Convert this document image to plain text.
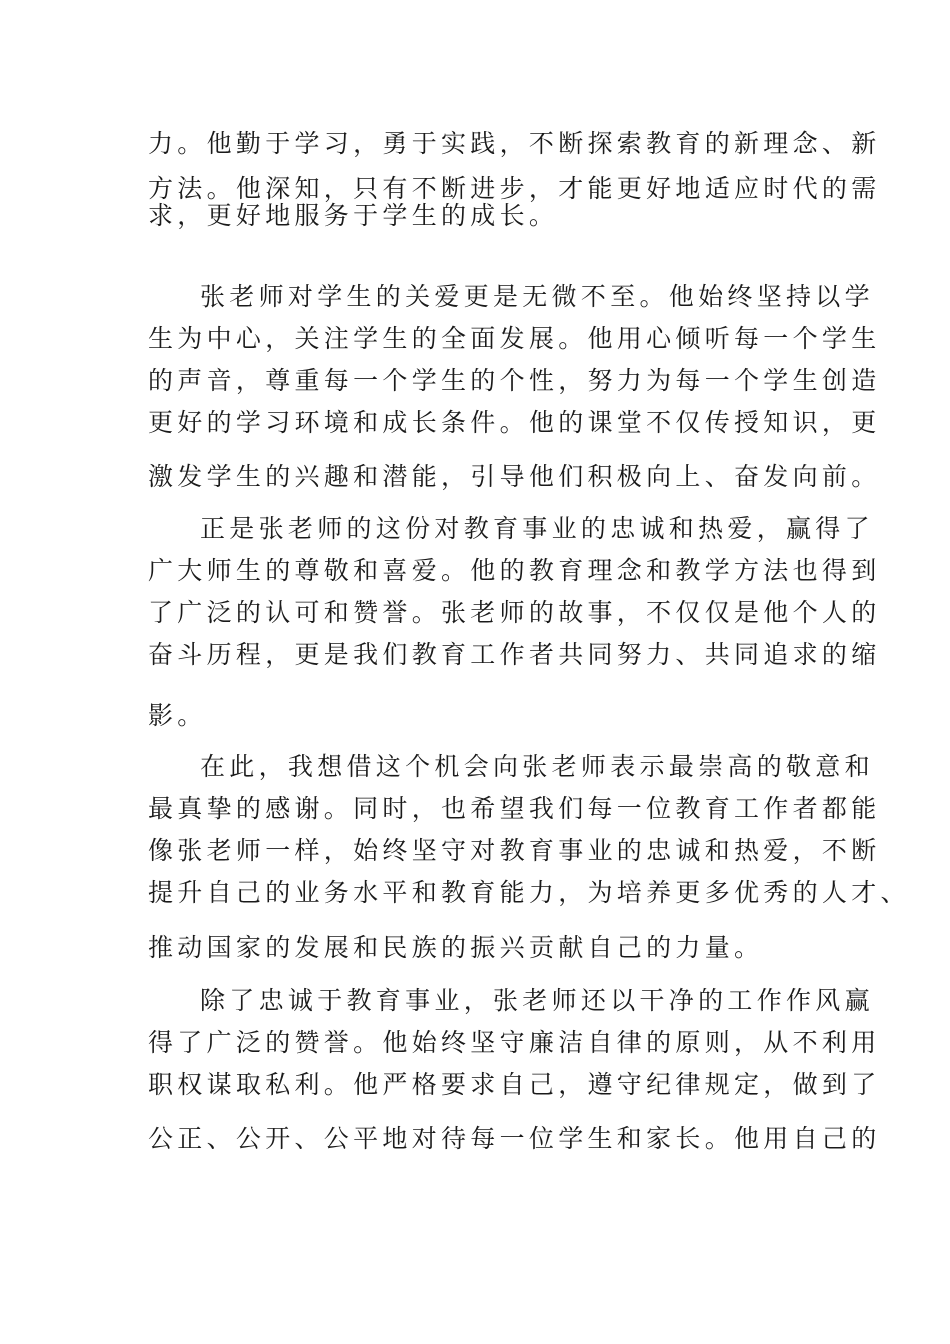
力。他勤于学习，勇于实践，不断探索教育的新理念、新
方法。他深知，只有不断进步，才能更好地适应时代的需
求，更好地服务于学生的成长。
张老师对学生的关爱更是无微不至。他始终坚持以学
生为中心，关注学生的全面发展。他用心倾听每一个学生
的声音，尊重每一个学生的个性，努力为每一个学生创造
更好的学习环境和成长条件。他的课堂不仅传授知识，更
激发学生的兴趣和潜能，引导他们积极向上、奋发向前。
正是张老师的这份对教育事业的忠诚和热爱，赢得了
广大师生的尊敬和喜爱。他的教育理念和教学方法也得到
了广泛的认可和赞誉。张老师的故事，不仅仅是他个人的
奋斗历程，更是我们教育工作者共同努力、共同追求的缩
影。
在此，我想借这个机会向张老师表示最崇高的敬意和
最真挚的感谢。同时，也希望我们每一位教育工作者都能
像张老师一样，始终坚守对教育事业的忠诚和热爱，不断
提升自己的业务水平和教育能力，为培养更多优秀的人才、
推动国家的发展和民族的振兴贡献自己的力量。
除了忠诚于教育事业，张老师还以干净的工作作风赢
得了广泛的赞誉。他始终坚守廉洁自律的原则，从不利用
职权谋取私利。他严格要求自己，遵守纪律规定，做到了
公正、公开、公平地对待每一位学生和家长。他用自己的
